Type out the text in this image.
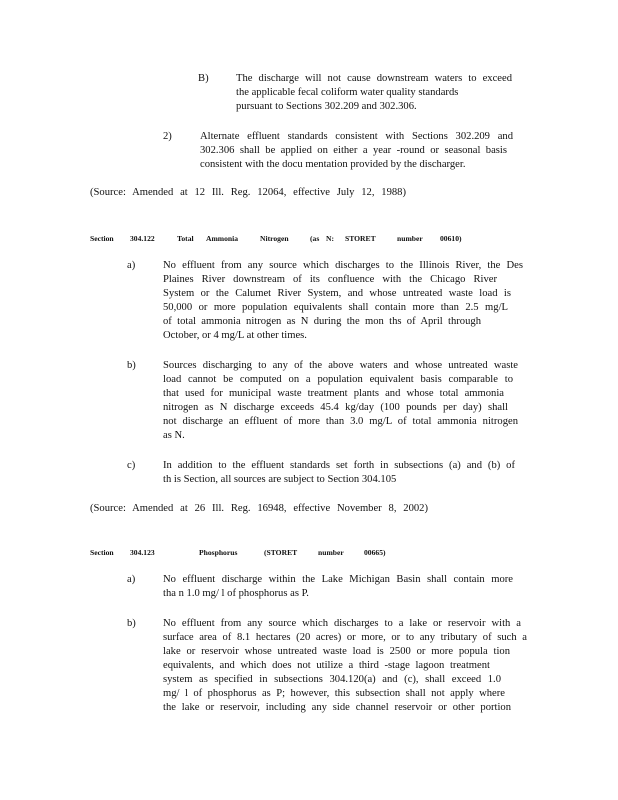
B)	The discharge will not cause downstream waters to exceed
the applicable fecal coliform water quality standards
pursuant to Sections 302.209 and 302.306.
2)	Alternate effluent standards consistent with Sections 302.209 and
302.306 shall be applied on either a year -round or seasonal basis
consistent with the docu mentation provided by the discharger.
(Source: Amended at 12 Ill. Reg. 12064, effective July 12, 1988)
Section 304.122	Total Ammonia	Nitrogen	(as N: STORET	number 00610)
a)	No effluent from any source which discharges to the Illinois River, the Des
Plaines River downstream of its confluence with the Chicago River
System or the Calumet River System, and whose untreated waste load is
50,000 or more population equivalents shall contain more than 2.5 mg/L
of total ammonia nitrogen as N during the mon ths of April through
October, or 4 mg/L at other times.
b)	Sources discharging to any of the above waters and whose untreated waste
load cannot be computed on a population equivalent basis comparable to
that used for municipal waste treatment plants and whose total ammonia
nitrogen as N discharge exceeds 45.4 kg/day (100 pounds per day) shall
not discharge an effluent of more than 3.0 mg/L of total ammonia nitrogen
as N.
c)	In addition to the effluent standards set forth in subsections (a) and (b) of
th is Section, all sources are subject to Section 304.105
(Source: Amended at 26 Ill. Reg. 16948, effective November 8, 2002)
Section 304.123	Phosphorus	(STORET	number	00665)
a)	No effluent discharge within the Lake Michigan Basin shall contain more
tha n 1.0 mg/ l of phosphorus as P.
b)	No effluent from any source which discharges to a lake or reservoir with a
surface area of 8.1 hectares (20 acres) or more, or to any tributary of such a
lake or reservoir whose untreated waste load is 2500 or more popula tion
equivalents, and which does not utilize a third -stage lagoon treatment
system as specified in subsections 304.120(a) and (c), shall exceed 1.0
mg/ l of phosphorus as P; however, this subsection shall not apply where
the lake or reservoir, including any side channel reservoir or other portion
